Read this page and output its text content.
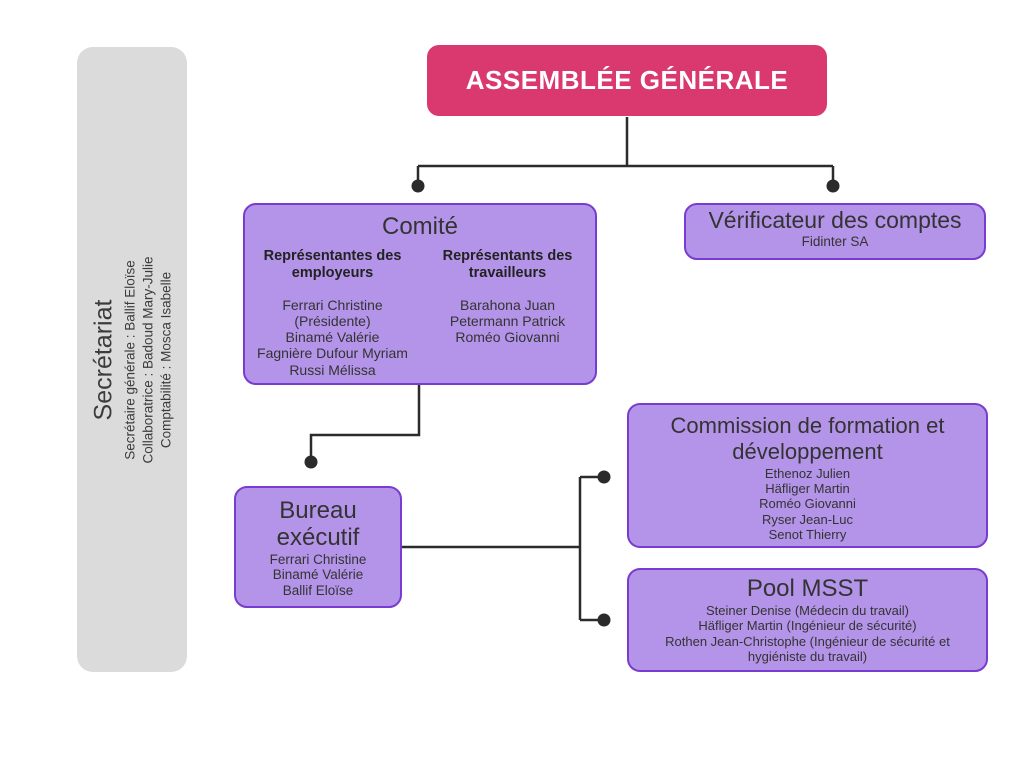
Secrétariat Secrétaire générale : Ballif Eloïse Collaboratrice : Badoud Mary-Julie Comptabilité : Mosca Isabelle
ASSEMBLÉE GÉNÉRALE
Comité
Représentantes des employeurs
Ferrari Christine (Présidente)
Binamé Valérie
Fagnière Dufour Myriam
Russi Mélissa
Représentants des travailleurs
Barahona Juan
Petermann Patrick
Roméo Giovanni
Vérificateur des comptes
Fidinter SA
Bureau exécutif
Ferrari Christine
Binamé Valérie
Ballif Eloïse
Commission de formation et développement
Ethenoz Julien
Häfliger Martin
Roméo Giovanni
Ryser Jean-Luc
Senot Thierry
Pool MSST
Steiner Denise (Médecin du travail)
Häfliger Martin (Ingénieur de sécurité)
Rothen Jean-Christophe (Ingénieur de sécurité et hygiéniste du travail)
